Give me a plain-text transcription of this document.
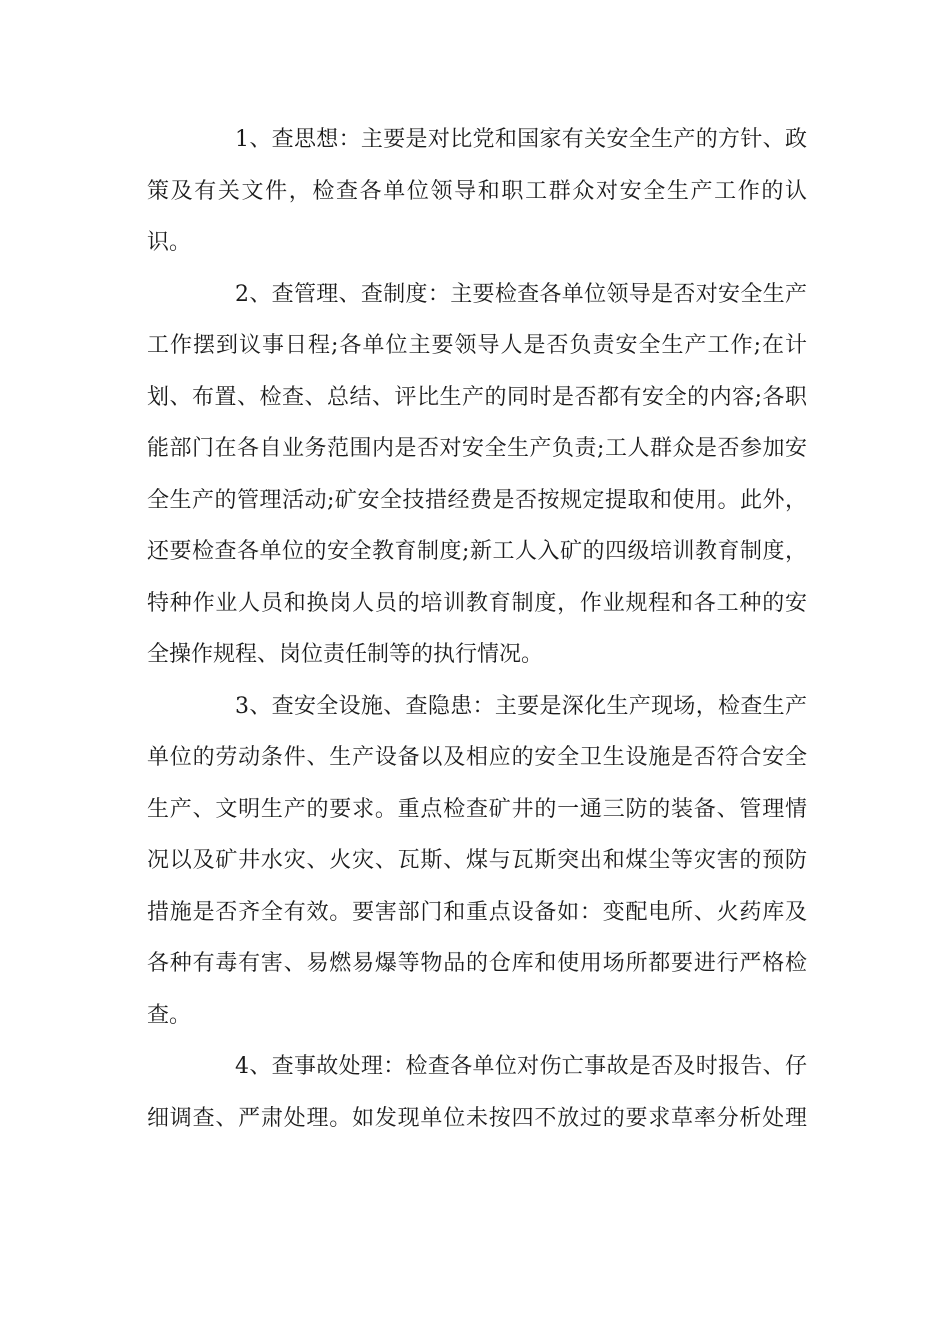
1、查思想：主要是对比党和国家有关安全生产的方针、政
策及有关文件，检查各单位领导和职工群众对安全生产工作的认
识。
2、查管理、查制度：主要检查各单位领导是否对安全生产
工作摆到议事日程;各单位主要领导人是否负责安全生产工作;在计
划、布置、检查、总结、评比生产的同时是否都有安全的内容;各职
能部门在各自业务范围内是否对安全生产负责;工人群众是否参加安
全生产的管理活动;矿安全技措经费是否按规定提取和使用。此外，
还要检查各单位的安全教育制度;新工人入矿的四级培训教育制度，
特种作业人员和换岗人员的培训教育制度，作业规程和各工种的安
全操作规程、岗位责任制等的执行情况。
3、查安全设施、查隐患：主要是深化生产现场，检查生产
单位的劳动条件、生产设备以及相应的安全卫生设施是否符合安全
生产、文明生产的要求。重点检查矿井的一通三防的装备、管理情
况以及矿井水灾、火灾、瓦斯、煤与瓦斯突出和煤尘等灾害的预防
措施是否齐全有效。要害部门和重点设备如：变配电所、火药库及
各种有毒有害、易燃易爆等物品的仓库和使用场所都要进行严格检
查。
4、查事故处理：检查各单位对伤亡事故是否及时报告、仔
细调查、严肃处理。如发现单位未按四不放过的要求草率分析处理
